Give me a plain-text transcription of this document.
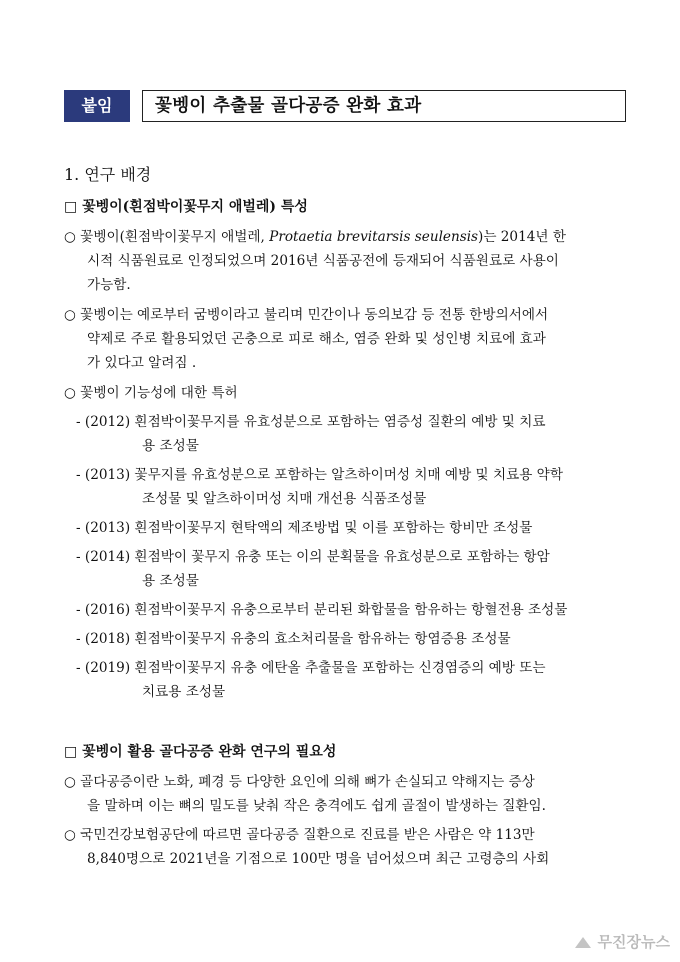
붙임	꽃벵이 추출물 골다공증 완화 효과
1. 연구 배경
□ 꽃벵이(흰점박이꽃무지 애벌레) 특성
○ 꽃벵이(흰점박이꽃무지 애벌레, Protaetia brevitarsis seulensis)는 2014년 한
시적 식품원료로 인정되었으며 2016년 식품공전에 등재되어 식품원료로 사용이
가능함.
○ 꽃벵이는 예로부터 굼벵이라고 불리며 민간이나 동의보감 등 전통 한방의서에서
약제로 주로 활용되었던 곤충으로 피로 해소, 염증 완화 및 성인병 치료에 효과
가 있다고 알려짐 .
○ 꽃벵이 기능성에 대한 특허
- (2012) 흰점박이꽃무지를 유효성분으로 포함하는 염증성 질환의 예방 및 치료
용 조성물
- (2013) 꽃무지를 유효성분으로 포함하는 알츠하이머성 치매 예방 및 치료용 약학
조성물 및 알츠하이머성 치매 개선용 식품조성물
- (2013) 흰점박이꽃무지 현탁액의 제조방법 및 이를 포함하는 항비만 조성물
- (2014) 흰점박이 꽃무지 유충 또는 이의 분획물을 유효성분으로 포함하는 항암
용 조성물
- (2016) 흰점박이꽃무지 유충으로부터 분리된 화합물을 함유하는 항혈전용 조성물
- (2018) 흰점박이꽃무지 유충의 효소처리물을 함유하는 항염증용 조성물
- (2019) 흰점박이꽃무지 유충 에탄올 추출물을 포함하는 신경염증의 예방 또는
치료용 조성물
□ 꽃벵이 활용 골다공증 완화 연구의 필요성
○ 골다공증이란 노화, 폐경 등 다양한 요인에 의해 뼈가 손실되고 약해지는 증상
을 말하며 이는 뼈의 밀도를 낮춰 작은 충격에도 쉽게 골절이 발생하는 질환임.
○ 국민건강보험공단에 따르면 골다공증 질환으로 진료를 받은 사람은 약 113만
8,840명으로 2021년을 기점으로 100만 명을 넘어섰으며 최근 고령층의 사회
무진장뉴스
